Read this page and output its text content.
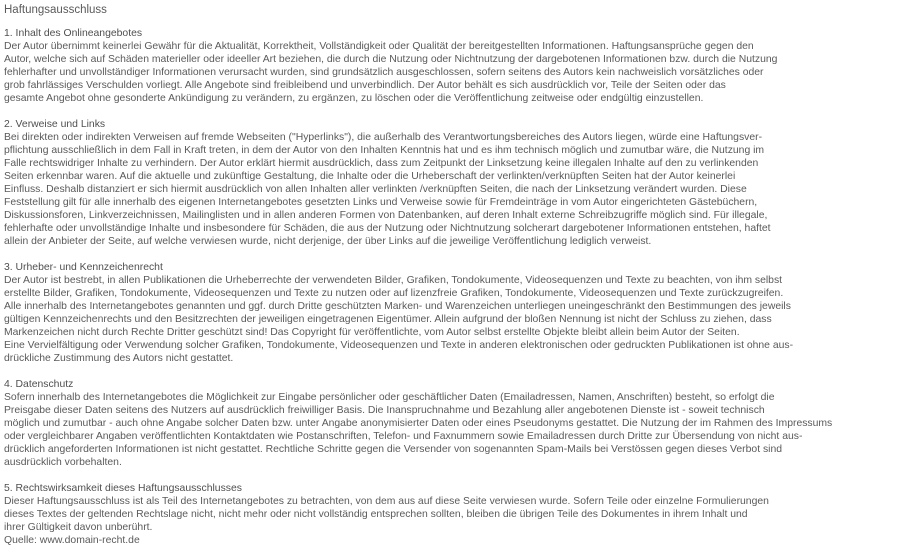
Haftungsausschluss
1. Inhalt des Onlineangebotes
Der Autor übernimmt keinerlei Gewähr für die Aktualität, Korrektheit, Vollständigkeit oder Qualität der bereitgestellten Informationen. Haftungsansprüche gegen den
Autor, welche sich auf Schäden materieller oder ideeller Art beziehen, die durch die Nutzung oder Nichtnutzung der dargebotenen Informationen bzw. durch die Nutzung
fehlerhafter und unvollständiger Informationen verursacht wurden, sind grundsätzlich ausgeschlossen, sofern seitens des Autors kein nachweislich vorsätzliches oder
grob fahrlässiges Verschulden vorliegt. Alle Angebote sind freibleibend und unverbindlich. Der Autor behält es sich ausdrücklich vor, Teile der Seiten oder das
gesamte Angebot ohne gesonderte Ankündigung zu verändern, zu ergänzen, zu löschen oder die Veröffentlichung zeitweise oder endgültig einzustellen.
2. Verweise und Links
Bei direkten oder indirekten Verweisen auf fremde Webseiten ("Hyperlinks"), die außerhalb des Verantwortungsbereiches des Autors liegen, würde eine Haftungsver-
pflichtung ausschließlich in dem Fall in Kraft treten, in dem der Autor von den Inhalten Kenntnis hat und es ihm technisch möglich und zumutbar wäre, die Nutzung im
Falle rechtswidriger Inhalte zu verhindern. Der Autor erklärt hiermit ausdrücklich, dass zum Zeitpunkt der Linksetzung keine illegalen Inhalte auf den zu verlinkenden
Seiten erkennbar waren. Auf die aktuelle und zukünftige Gestaltung, die Inhalte oder die Urheberschaft der verlinkten/verknüpften Seiten hat der Autor keinerlei
Einfluss. Deshalb distanziert er sich hiermit ausdrücklich von allen Inhalten aller verlinkten /verknüpften Seiten, die nach der Linksetzung verändert wurden. Diese
Feststellung gilt für alle innerhalb des eigenen Internetangebotes gesetzten Links und Verweise sowie für Fremdeinträge in vom Autor eingerichteten Gästebüchern,
Diskussionsforen, Linkverzeichnissen, Mailinglisten und in allen anderen Formen von Datenbanken, auf deren Inhalt externe Schreibzugriffe möglich sind. Für illegale,
fehlerhafte oder unvollständige Inhalte und insbesondere für Schäden, die aus der Nutzung oder Nichtnutzung solcherart dargebotener Informationen entstehen, haftet
allein der Anbieter der Seite, auf welche verwiesen wurde, nicht derjenige, der über Links auf die jeweilige Veröffentlichung lediglich verweist.
3. Urheber- und Kennzeichenrecht
Der Autor ist bestrebt, in allen Publikationen die Urheberrechte der verwendeten Bilder, Grafiken, Tondokumente, Videosequenzen und Texte zu beachten, von ihm selbst
erstellte Bilder, Grafiken, Tondokumente, Videosequenzen und Texte zu nutzen oder auf lizenzfreie Grafiken, Tondokumente, Videosequenzen und Texte zurückzugreifen.
Alle innerhalb des Internetangebotes genannten und ggf. durch Dritte geschützten Marken- und Warenzeichen unterliegen uneingeschränkt den Bestimmungen des jeweils
gültigen Kennzeichenrechts und den Besitzrechten der jeweiligen eingetragenen Eigentümer. Allein aufgrund der bloßen Nennung ist nicht der Schluss zu ziehen, dass
Markenzeichen nicht durch Rechte Dritter geschützt sind! Das Copyright für veröffentlichte, vom Autor selbst erstellte Objekte bleibt allein beim Autor der Seiten.
Eine Vervielfältigung oder Verwendung solcher Grafiken, Tondokumente, Videosequenzen und Texte in anderen elektronischen oder gedruckten Publikationen ist ohne aus-
drückliche Zustimmung des Autors nicht gestattet.
4. Datenschutz
Sofern innerhalb des Internetangebotes die Möglichkeit zur Eingabe persönlicher oder geschäftlicher Daten (Emailadressen, Namen, Anschriften) besteht, so erfolgt die
Preisgabe dieser Daten seitens des Nutzers auf ausdrücklich freiwilliger Basis. Die Inanspruchnahme und Bezahlung aller angebotenen Dienste ist - soweit technisch
möglich und zumutbar - auch ohne Angabe solcher Daten bzw. unter Angabe anonymisierter Daten oder eines Pseudonyms gestattet. Die Nutzung der im Rahmen des Impressums
oder vergleichbarer Angaben veröffentlichten Kontaktdaten wie Postanschriften, Telefon- und Faxnummern sowie Emailadressen durch Dritte zur Übersendung von nicht aus-
drücklich angeforderten Informationen ist nicht gestattet. Rechtliche Schritte gegen die Versender von sogenannten Spam-Mails bei Verstössen gegen dieses Verbot sind
ausdrücklich vorbehalten.
5. Rechtswirksamkeit dieses Haftungsausschlusses
Dieser Haftungsausschluss ist als Teil des Internetangebotes zu betrachten, von dem aus auf diese Seite verwiesen wurde. Sofern Teile oder einzelne Formulierungen
dieses Textes der geltenden Rechtslage nicht, nicht mehr oder nicht vollständig entsprechen sollten, bleiben die übrigen Teile des Dokumentes in ihrem Inhalt und
ihrer Gültigkeit davon unberührt.
Quelle: www.domain-recht.de
